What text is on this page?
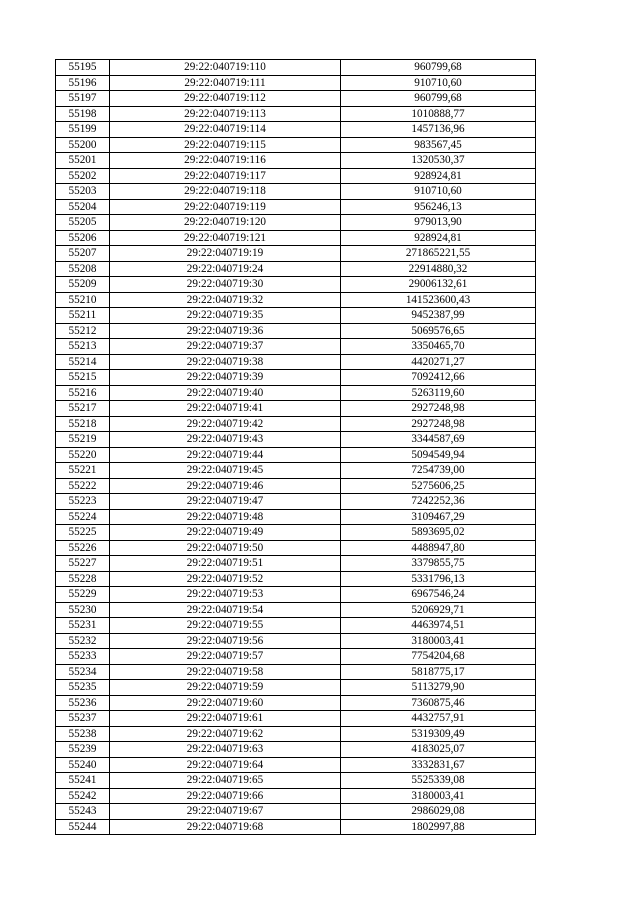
55195	29:22:040719:110	960799,68
55196	29:22:040719:111	910710,60
55197	29:22:040719:112	960799,68
55198	29:22:040719:113	1010888,77
55199	29:22:040719:114	1457136,96
55200	29:22:040719:115	983567,45
55201	29:22:040719:116	1320530,37
55202	29:22:040719:117	928924,81
55203	29:22:040719:118	910710,60
55204	29:22:040719:119	956246,13
55205	29:22:040719:120	979013,90
55206	29:22:040719:121	928924,81
55207	29:22:040719:19	271865221,55
55208	29:22:040719:24	22914880,32
55209	29:22:040719:30	29006132,61
55210	29:22:040719:32	141523600,43
55211	29:22:040719:35	9452387,99
55212	29:22:040719:36	5069576,65
55213	29:22:040719:37	3350465,70
55214	29:22:040719:38	4420271,27
55215	29:22:040719:39	7092412,66
55216	29:22:040719:40	5263119,60
55217	29:22:040719:41	2927248,98
55218	29:22:040719:42	2927248,98
55219	29:22:040719:43	3344587,69
55220	29:22:040719:44	5094549,94
55221	29:22:040719:45	7254739,00
55222	29:22:040719:46	5275606,25
55223	29:22:040719:47	7242252,36
55224	29:22:040719:48	3109467,29
55225	29:22:040719:49	5893695,02
55226	29:22:040719:50	4488947,80
55227	29:22:040719:51	3379855,75
55228	29:22:040719:52	5331796,13
55229	29:22:040719:53	6967546,24
55230	29:22:040719:54	5206929,71
55231	29:22:040719:55	4463974,51
55232	29:22:040719:56	3180003,41
55233	29:22:040719:57	7754204,68
55234	29:22:040719:58	5818775,17
55235	29:22:040719:59	5113279,90
55236	29:22:040719:60	7360875,46
55237	29:22:040719:61	4432757,91
55238	29:22:040719:62	5319309,49
55239	29:22:040719:63	4183025,07
55240	29:22:040719:64	3332831,67
55241	29:22:040719:65	5525339,08
55242	29:22:040719:66	3180003,41
55243	29:22:040719:67	2986029,08
55244	29:22:040719:68	1802997,88
